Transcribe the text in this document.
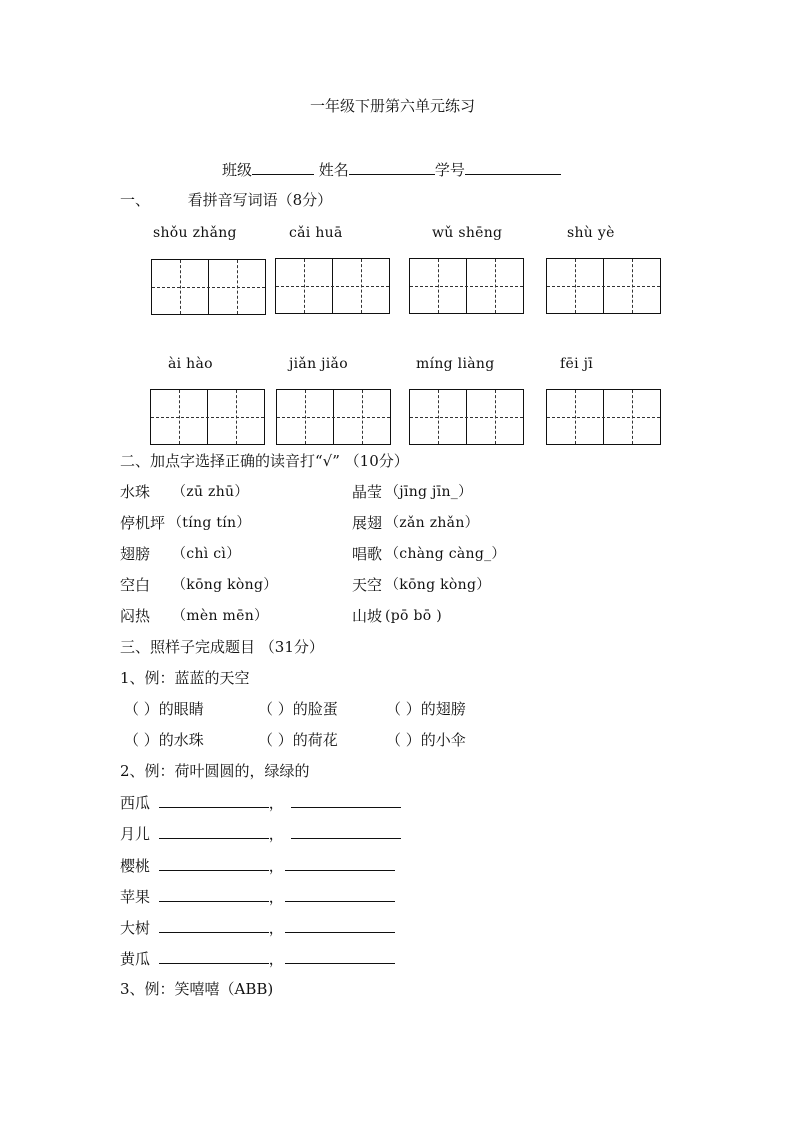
一年级下册第六单元练习
班级	姓名	学号
一、	看拼音写词语（8分）
shǒu zhǎng	cǎi huā	wǔ shēng	shù yè
ài hào	jiǎn jiǎo	míng liàng	fēi jī
二、加点字选择正确的读音打“√” （10分）
水珠 （zū zhū）	晶莹 （jīng jīn_）
停机坪 （tíng tín）	展翅 （zǎn zhǎn）
翅膀 （chì cì）	唱歌 （chàng càng_）
空白 （kōng kòng）	天空 （kōng kòng）
闷热 （mèn mēn）	山坡 (pō bō )
三、照样子完成题目 （31分）
1、例：蓝蓝的天空
（ ）的眼睛	（ ）的脸蛋	（ ）的翅膀
（ ）的水珠	（ ）的荷花	（ ）的小伞
2、例：荷叶圆圆的，绿绿的
西瓜	，
月儿	，
樱桃	，
苹果	，
大树	，
黄瓜	，
3、例：笑嘻嘻（ABB)
